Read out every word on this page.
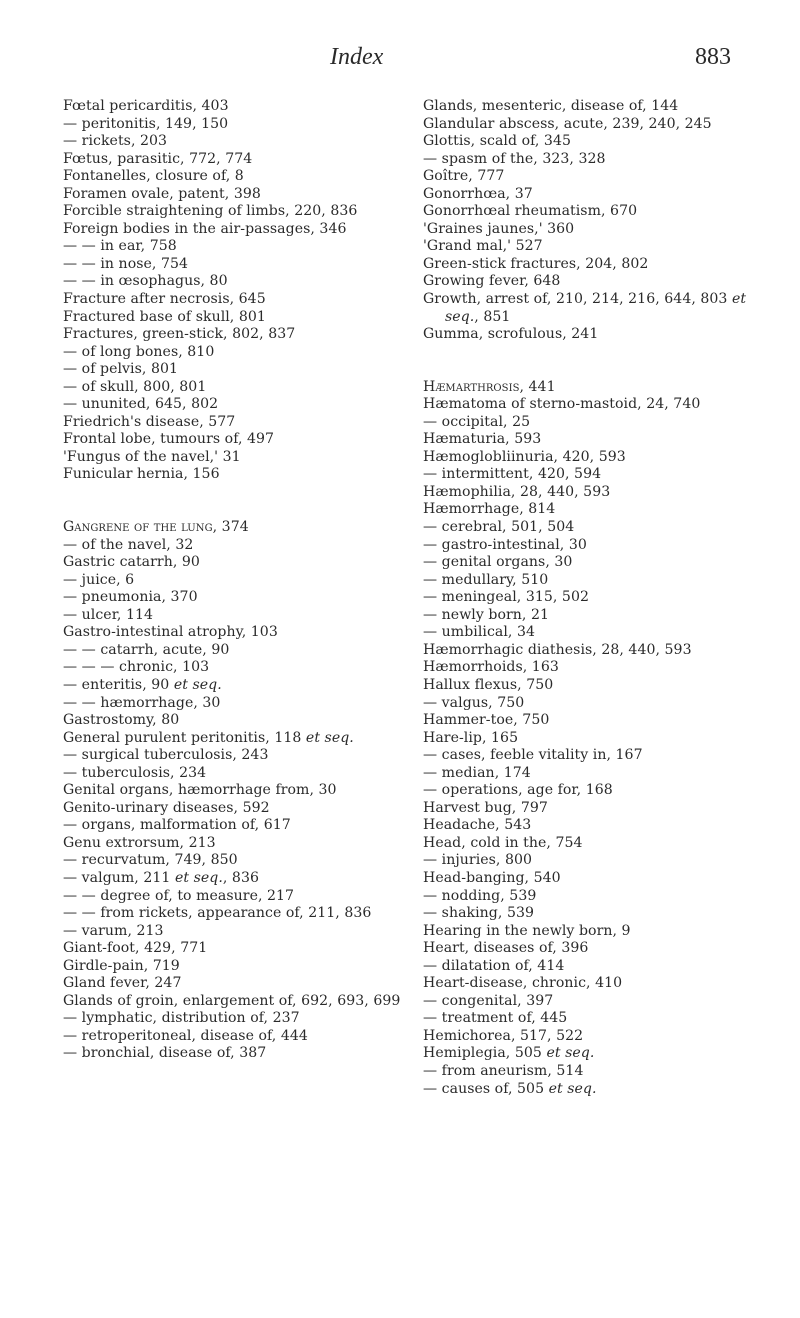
Index	883
Fœtal pericarditis, 403
— peritonitis, 149, 150
— rickets, 203
Fœtus, parasitic, 772, 774
Fontanelles, closure of, 8
Foramen ovale, patent, 398
Forcible straightening of limbs, 220, 836
Foreign bodies in the air-passages, 346
— — in ear, 758
— — in nose, 754
— — in œsophagus, 80
Fracture after necrosis, 645
Fractured base of skull, 801
Fractures, green-stick, 802, 837
— of long bones, 810
— of pelvis, 801
— of skull, 800, 801
— ununited, 645, 802
Friedrich's disease, 577
Frontal lobe, tumours of, 497
'Fungus of the navel,' 31
Funicular hernia, 156
Gangrene of the lung, 374
— of the navel, 32
Gastric catarrh, 90
— juice, 6
— pneumonia, 370
— ulcer, 114
Gastro-intestinal atrophy, 103
— — catarrh, acute, 90
— — — chronic, 103
— enteritis, 90 et seq.
— — hæmorrhage, 30
Gastrostomy, 80
General purulent peritonitis, 118 et seq.
— surgical tuberculosis, 243
— tuberculosis, 234
Genital organs, hæmorrhage from, 30
Genito-urinary diseases, 592
— organs, malformation of, 617
Genu extrorsum, 213
— recurvatum, 749, 850
— valgum, 211 et seq., 836
— — degree of, to measure, 217
— — from rickets, appearance of, 211, 836
— varum, 213
Giant-foot, 429, 771
Girdle-pain, 719
Gland fever, 247
Glands of groin, enlargement of, 692, 693, 699
— lymphatic, distribution of, 237
— retroperitoneal, disease of, 444
— bronchial, disease of, 387
Glands, mesenteric, disease of, 144
Glandular abscess, acute, 239, 240, 245
Glottis, scald of, 345
— spasm of the, 323, 328
Goître, 777
Gonorrhœa, 37
Gonorrhœal rheumatism, 670
'Graines jaunes,' 360
'Grand mal,' 527
Green-stick fractures, 204, 802
Growing fever, 648
Growth, arrest of, 210, 214, 216, 644, 803 et seq., 851
Gumma, scrofulous, 241
Hæmarthrosis, 441
Hæmatoma of sterno-mastoid, 24, 740
— occipital, 25
Hæmaturia, 593
Hæmoglobliinuria, 420, 593
— intermittent, 420, 594
Hæmophilia, 28, 440, 593
Hæmorrhage, 814
— cerebral, 501, 504
— gastro-intestinal, 30
— genital organs, 30
— medullary, 510
— meningeal, 315, 502
— newly born, 21
— umbilical, 34
Hæmorrhagic diathesis, 28, 440, 593
Hæmorrhoids, 163
Hallux flexus, 750
— valgus, 750
Hammer-toe, 750
Hare-lip, 165
— cases, feeble vitality in, 167
— median, 174
— operations, age for, 168
Harvest bug, 797
Headache, 543
Head, cold in the, 754
— injuries, 800
Head-banging, 540
— nodding, 539
— shaking, 539
Hearing in the newly born, 9
Heart, diseases of, 396
— dilatation of, 414
Heart-disease, chronic, 410
— congenital, 397
— treatment of, 445
Hemichorea, 517, 522
Hemiplegia, 505 et seq.
— from aneurism, 514
— causes of, 505 et seq.
